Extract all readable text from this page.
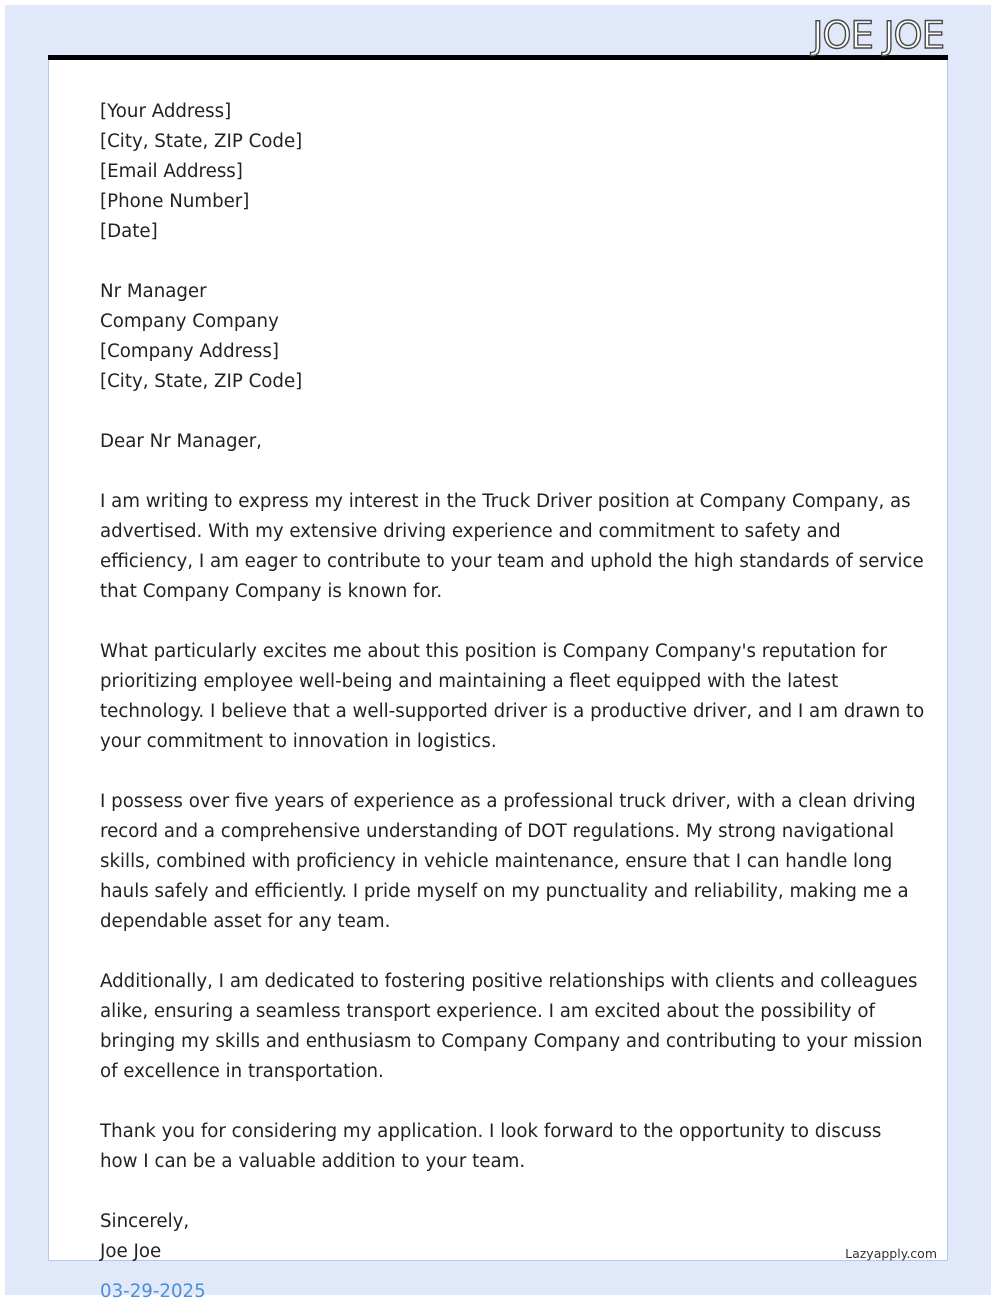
JOE JOE
[Your Address]
[City, State, ZIP Code]
[Email Address]
[Phone Number]
[Date]
Nr Manager
Company Company
[Company Address]
[City, State, ZIP Code]
Dear Nr Manager,

I am writing to express my interest in the Truck Driver position at Company Company, as
advertised. With my extensive driving experience and commitment to safety and
efficiency, I am eager to contribute to your team and uphold the high standards of service
that Company Company is known for.

What particularly excites me about this position is Company Company's reputation for
prioritizing employee well-being and maintaining a fleet equipped with the latest
technology. I believe that a well-supported driver is a productive driver, and I am drawn to
your commitment to innovation in logistics.

I possess over five years of experience as a professional truck driver, with a clean driving
record and a comprehensive understanding of DOT regulations. My strong navigational
skills, combined with proficiency in vehicle maintenance, ensure that I can handle long
hauls safely and efficiently. I pride myself on my punctuality and reliability, making me a
dependable asset for any team.

Additionally, I am dedicated to fostering positive relationships with clients and colleagues
alike, ensuring a seamless transport experience. I am excited about the possibility of
bringing my skills and enthusiasm to Company Company and contributing to your mission
of excellence in transportation.

Thank you for considering my application. I look forward to the opportunity to discuss
how I can be a valuable addition to your team.

Sincerely,
Joe Joe
03-29-2025
Lazyapply.com
